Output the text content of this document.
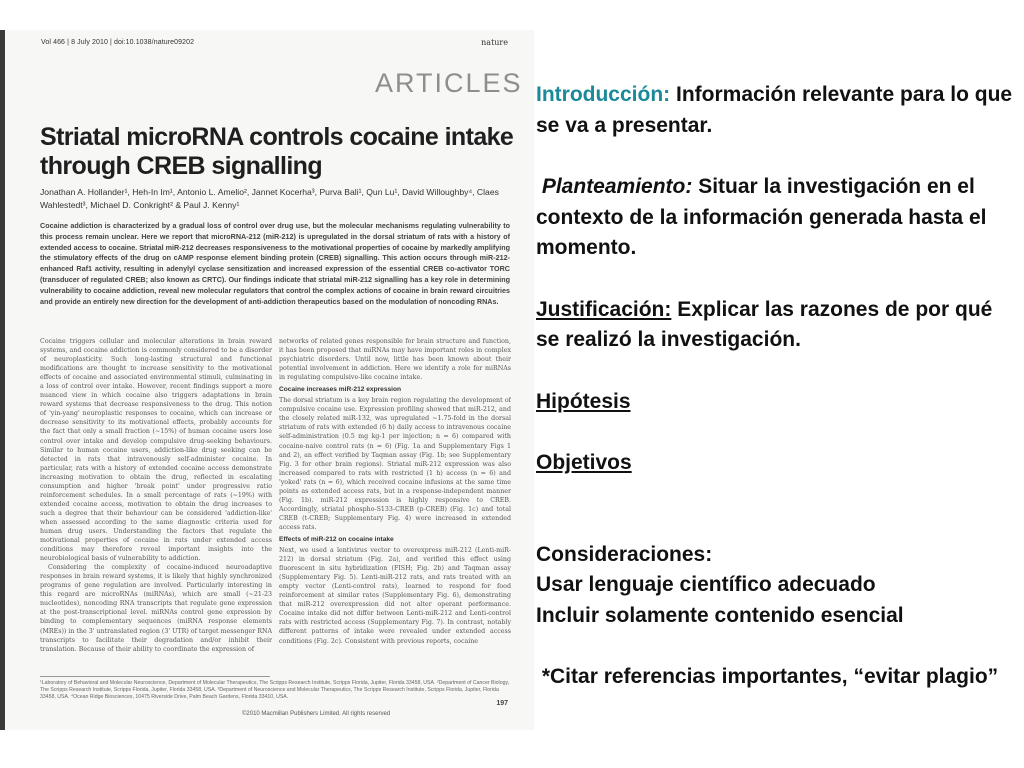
Vol 466 | 8 July 2010 | doi:10.1038/nature09202	nature
ARTICLES
Striatal microRNA controls cocaine intake through CREB signalling
Jonathan A. Hollander¹, Heh-In Im¹, Antonio L. Amelio², Jannet Kocerha³, Purva Bali¹, Qun Lu¹, David Willoughby⁴, Claes Wahlestedt³, Michael D. Conkright² & Paul J. Kenny¹
Cocaine addiction is characterized by a gradual loss of control over drug use, but the molecular mechanisms regulating vulnerability to this process remain unclear. Here we report that microRNA-212 (miR-212) is upregulated in the dorsal striatum of rats with a history of extended access to cocaine. Striatal miR-212 decreases responsiveness to the motivational properties of cocaine by markedly amplifying the stimulatory effects of the drug on cAMP response element binding protein (CREB) signalling. This action occurs through miR-212-enhanced Raf1 activity, resulting in adenylyl cyclase sensitization and increased expression of the essential CREB co-activator TORC (transducer of regulated CREB; also known as CRTC). Our findings indicate that striatal miR-212 signalling has a key role in determining vulnerability to cocaine addiction, reveal new molecular regulators that control the complex actions of cocaine in brain reward circuitries and provide an entirely new direction for the development of anti-addiction therapeutics based on the modulation of noncoding RNAs.

Cocaine triggers cellular and molecular alterations in brain reward systems, and cocaine addiction is commonly considered to be a disorder of neuroplasticity. Such long-lasting structural and functional modifications are thought to increase sensitivity to the motivational effects of cocaine and associated environmental stimuli, culminating in a loss of control over intake. However, recent findings support a more nuanced view in which cocaine also triggers adaptations in brain reward systems that decrease responsiveness to the drug. This notion of 'yin-yang' neuroplastic responses to cocaine, which can increase or decrease sensitivity to its motivational effects, probably accounts for the fact that only a small fraction (~15%) of human cocaine users lose control over intake and develop compulsive drug-seeking behaviours. Similar to human cocaine users, addiction-like drug seeking can be detected in rats that intravenously self-administer cocaine. In particular, rats with a history of extended cocaine access demonstrate increasing motivation to obtain the drug, reflected in escalating consumption and higher 'break point' under progressive ratio reinforcement schedules. In a small percentage of rats (~19%) with extended cocaine access, motivation to obtain the drug increases to such a degree that their behaviour can be considered 'addiction-like' when assessed according to the same diagnostic criteria used for human drug users. Understanding the factors that regulate the motivational properties of cocaine in rats under extended access conditions may therefore reveal important insights into the neurobiological basis of vulnerability to addiction.

Considering the complexity of cocaine-induced neuroadaptive responses in brain reward systems, it is likely that highly synchronized programs of gene regulation are involved. Particularly interesting in this regard are microRNAs (miRNAs), which are small (~21-23 nucleotides), noncoding RNA transcripts that regulate gene expression at the post-transcriptional level. miRNAs control gene expression by binding to complementary sequences (miRNA response elements (MREs)) in the 3' untranslated region (3' UTR) of target messenger RNA transcripts to facilitate their degradation and/or inhibit their translation. Because of their ability to coordinate the expression of

networks of related genes responsible for brain structure and function, it has been proposed that miRNAs may have important roles in complex psychiatric disorders. Until now, little has been known about their potential involvement in addiction. Here we identify a role for miRNAs in regulating compulsive-like cocaine intake.

Cocaine increases miR-212 expression

The dorsal striatum is a key brain region regulating the development of compulsive cocaine use. Expression profiling showed that miR-212, and the closely related miR-132, was upregulated ~1.75-fold in the dorsal striatum of rats with extended (6 h) daily access to intravenous cocaine self-administration (0.5 mg kg-1 per injection; n = 6) compared with cocaine-naive control rats (n = 6) (Fig. 1a and Supplementary Figs 1 and 2), an effect verified by Taqman assay (Fig. 1b; see Supplementary Fig. 3 for other brain regions). Striatal miR-212 expression was also increased compared to rats with restricted (1 h) access (n = 6) and 'yoked' rats (n = 6), which received cocaine infusions at the same time points as extended access rats, but in a response-independent manner (Fig. 1b). miR-212 expression is highly responsive to CREB. Accordingly, striatal phospho-S133-CREB (p-CREB) (Fig. 1c) and total CREB (t-CREB; Supplementary Fig. 4) were increased in extended access rats.

Effects of miR-212 on cocaine intake

Next, we used a lentivirus vector to overexpress miR-212 (Lenti-miR-212) in dorsal striatum (Fig. 2a), and verified this effect using fluorescent in situ hybridization (FISH; Fig. 2b) and Taqman assay (Supplementary Fig. 5). Lenti-miR-212 rats, and rats treated with an empty vector (Lenti-control rats), learned to respond for food reinforcement at similar rates (Supplementary Fig. 6), demonstrating that miR-212 overexpression did not alter operant performance. Cocaine intake did not differ between Lenti-miR-212 and Lenti-control rats with restricted access (Supplementary Fig. 7). In contrast, notably different patterns of intake were revealed under extended access conditions (Fig. 2c). Consistent with previous reports, cocaine

¹Laboratory of Behavioral and Molecular Neuroscience, Department of Molecular Therapeutics, The Scripps Research Institute, Scripps Florida, Jupiter, Florida 33458, USA. ²Department of Cancer Biology, The Scripps Research Institute, Scripps Florida, Jupiter, Florida 33458, USA. ³Department of Neuroscience and Molecular Therapeutics, The Scripps Research Institute, Scripps Florida, Jupiter, Florida 33458, USA. ⁴Ocean Ridge Biosciences, 10475 Riverside Drive, Palm Beach Gardens, Florida 33410, USA.
©2010 Macmillan Publishers Limited. All rights reserved
197

Introducción: Información relevante para lo que se va a presentar.

Planteamiento: Situar la investigación en el contexto de la información generada hasta el momento.

Justificación: Explicar las razones de por qué se realizó la investigación.

Hipótesis

Objetivos

Consideraciones:

Usar lenguaje científico adecuado

Incluir solamente contenido esencial

*Citar referencias importantes, “evitar plagio”
